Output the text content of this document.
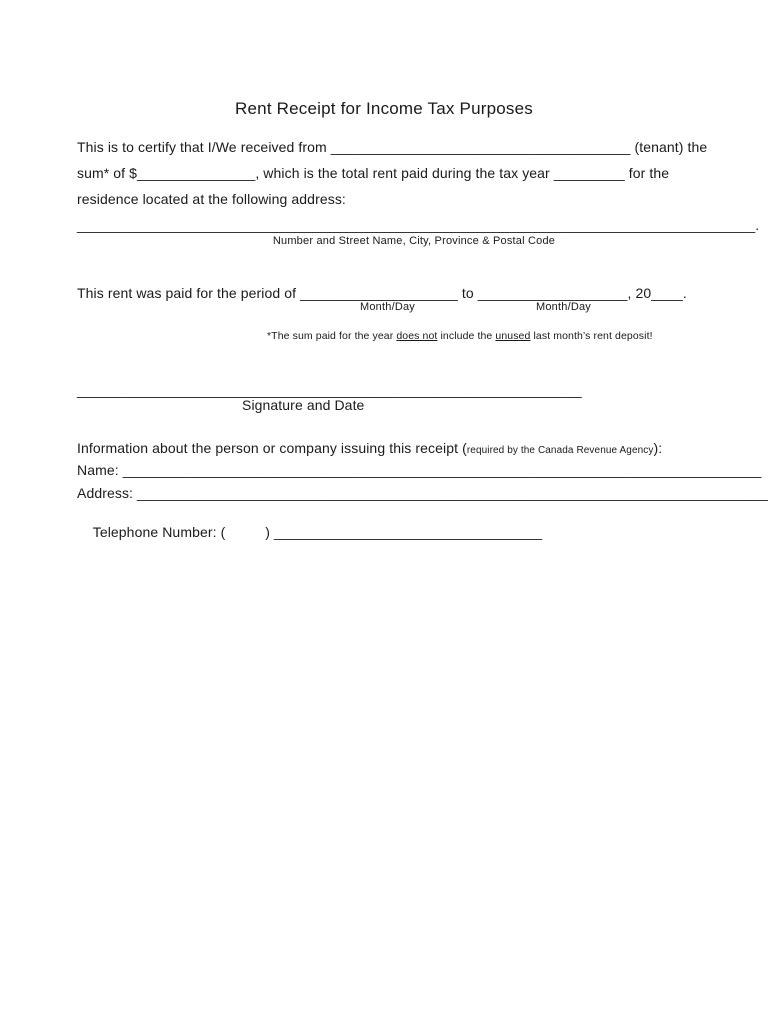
Rent Receipt for Income Tax Purposes
This is to certify that I/We received from ______________________________________ (tenant) the
sum* of $_______________, which is the total rent paid during the tax year _________ for the
residence located at the following address:
______________________________________________________________________________________.
Number and Street Name, City, Province & Postal Code
This rent was paid for the period of ____________________ to ___________________, 20____.
Month/Day	Month/Day
*The sum paid for the year does not include the unused last month’s rent deposit!
________________________________________________________________
Signature and Date
Information about the person or company issuing this receipt (required by the Canada Revenue Agency):
Name: _________________________________________________________________________________
Address: ________________________________________________________________________________

Telephone Number: (          ) __________________________________
